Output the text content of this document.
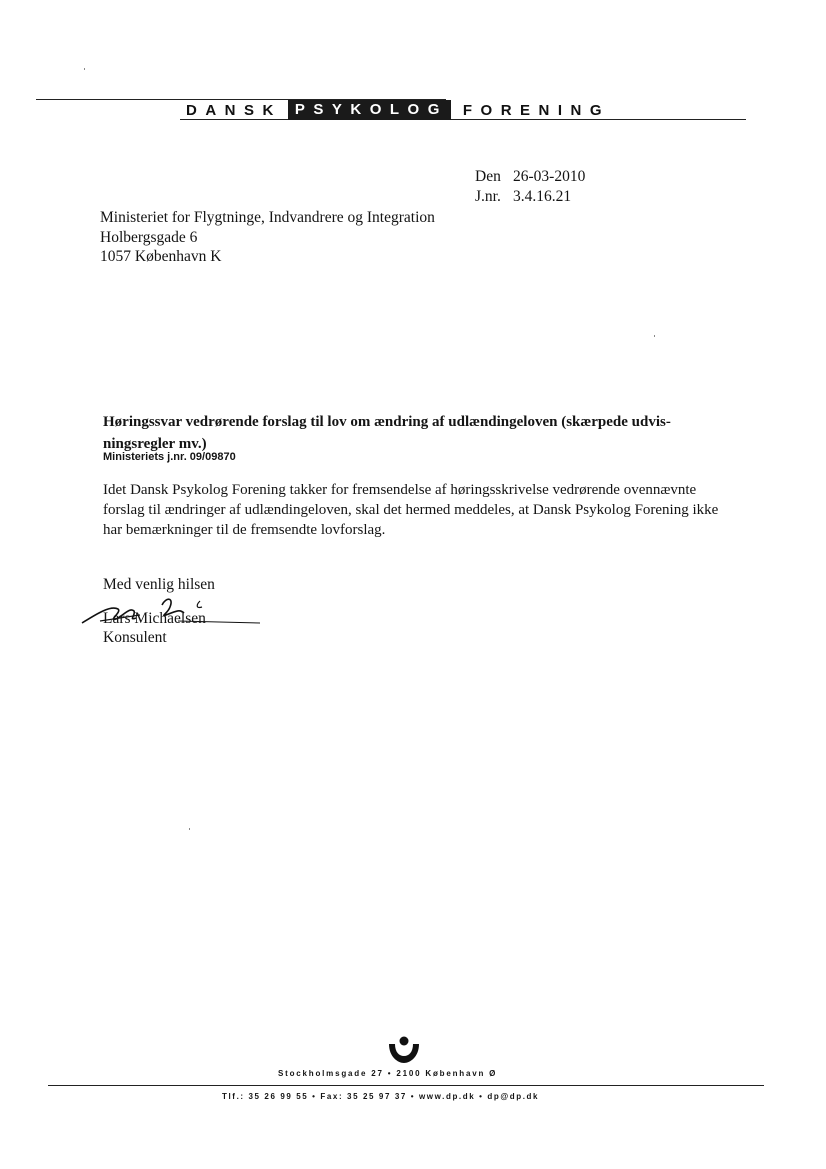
DANSK PSYKOLOG FORENING
Den 26-03-2010
J.nr. 3.4.16.21
Ministeriet for Flygtninge, Indvandrere og Integration
Holbergsgade 6
1057 København K
Høringssvar vedrørende forslag til lov om ændring af udlændingeloven (skærpede udvis-ningsregler mv.)
Ministeriets j.nr. 09/09870
Idet Dansk Psykolog Forening takker for fremsendelse af høringsskrivelse vedrørende ovennævnte forslag til ændringer af udlændingeloven, skal det hermed meddeles, at Dansk Psykolog Forening ikke har bemærkninger til de fremsendte lovforslag.
Med venlig hilsen
Lars Michaelsen
Konsulent
Stockholmsgade 27 • 2100 København Ø
Tlf.: 35 26 99 55 • Fax: 35 25 97 37 • www.dp.dk • dp@dp.dk
